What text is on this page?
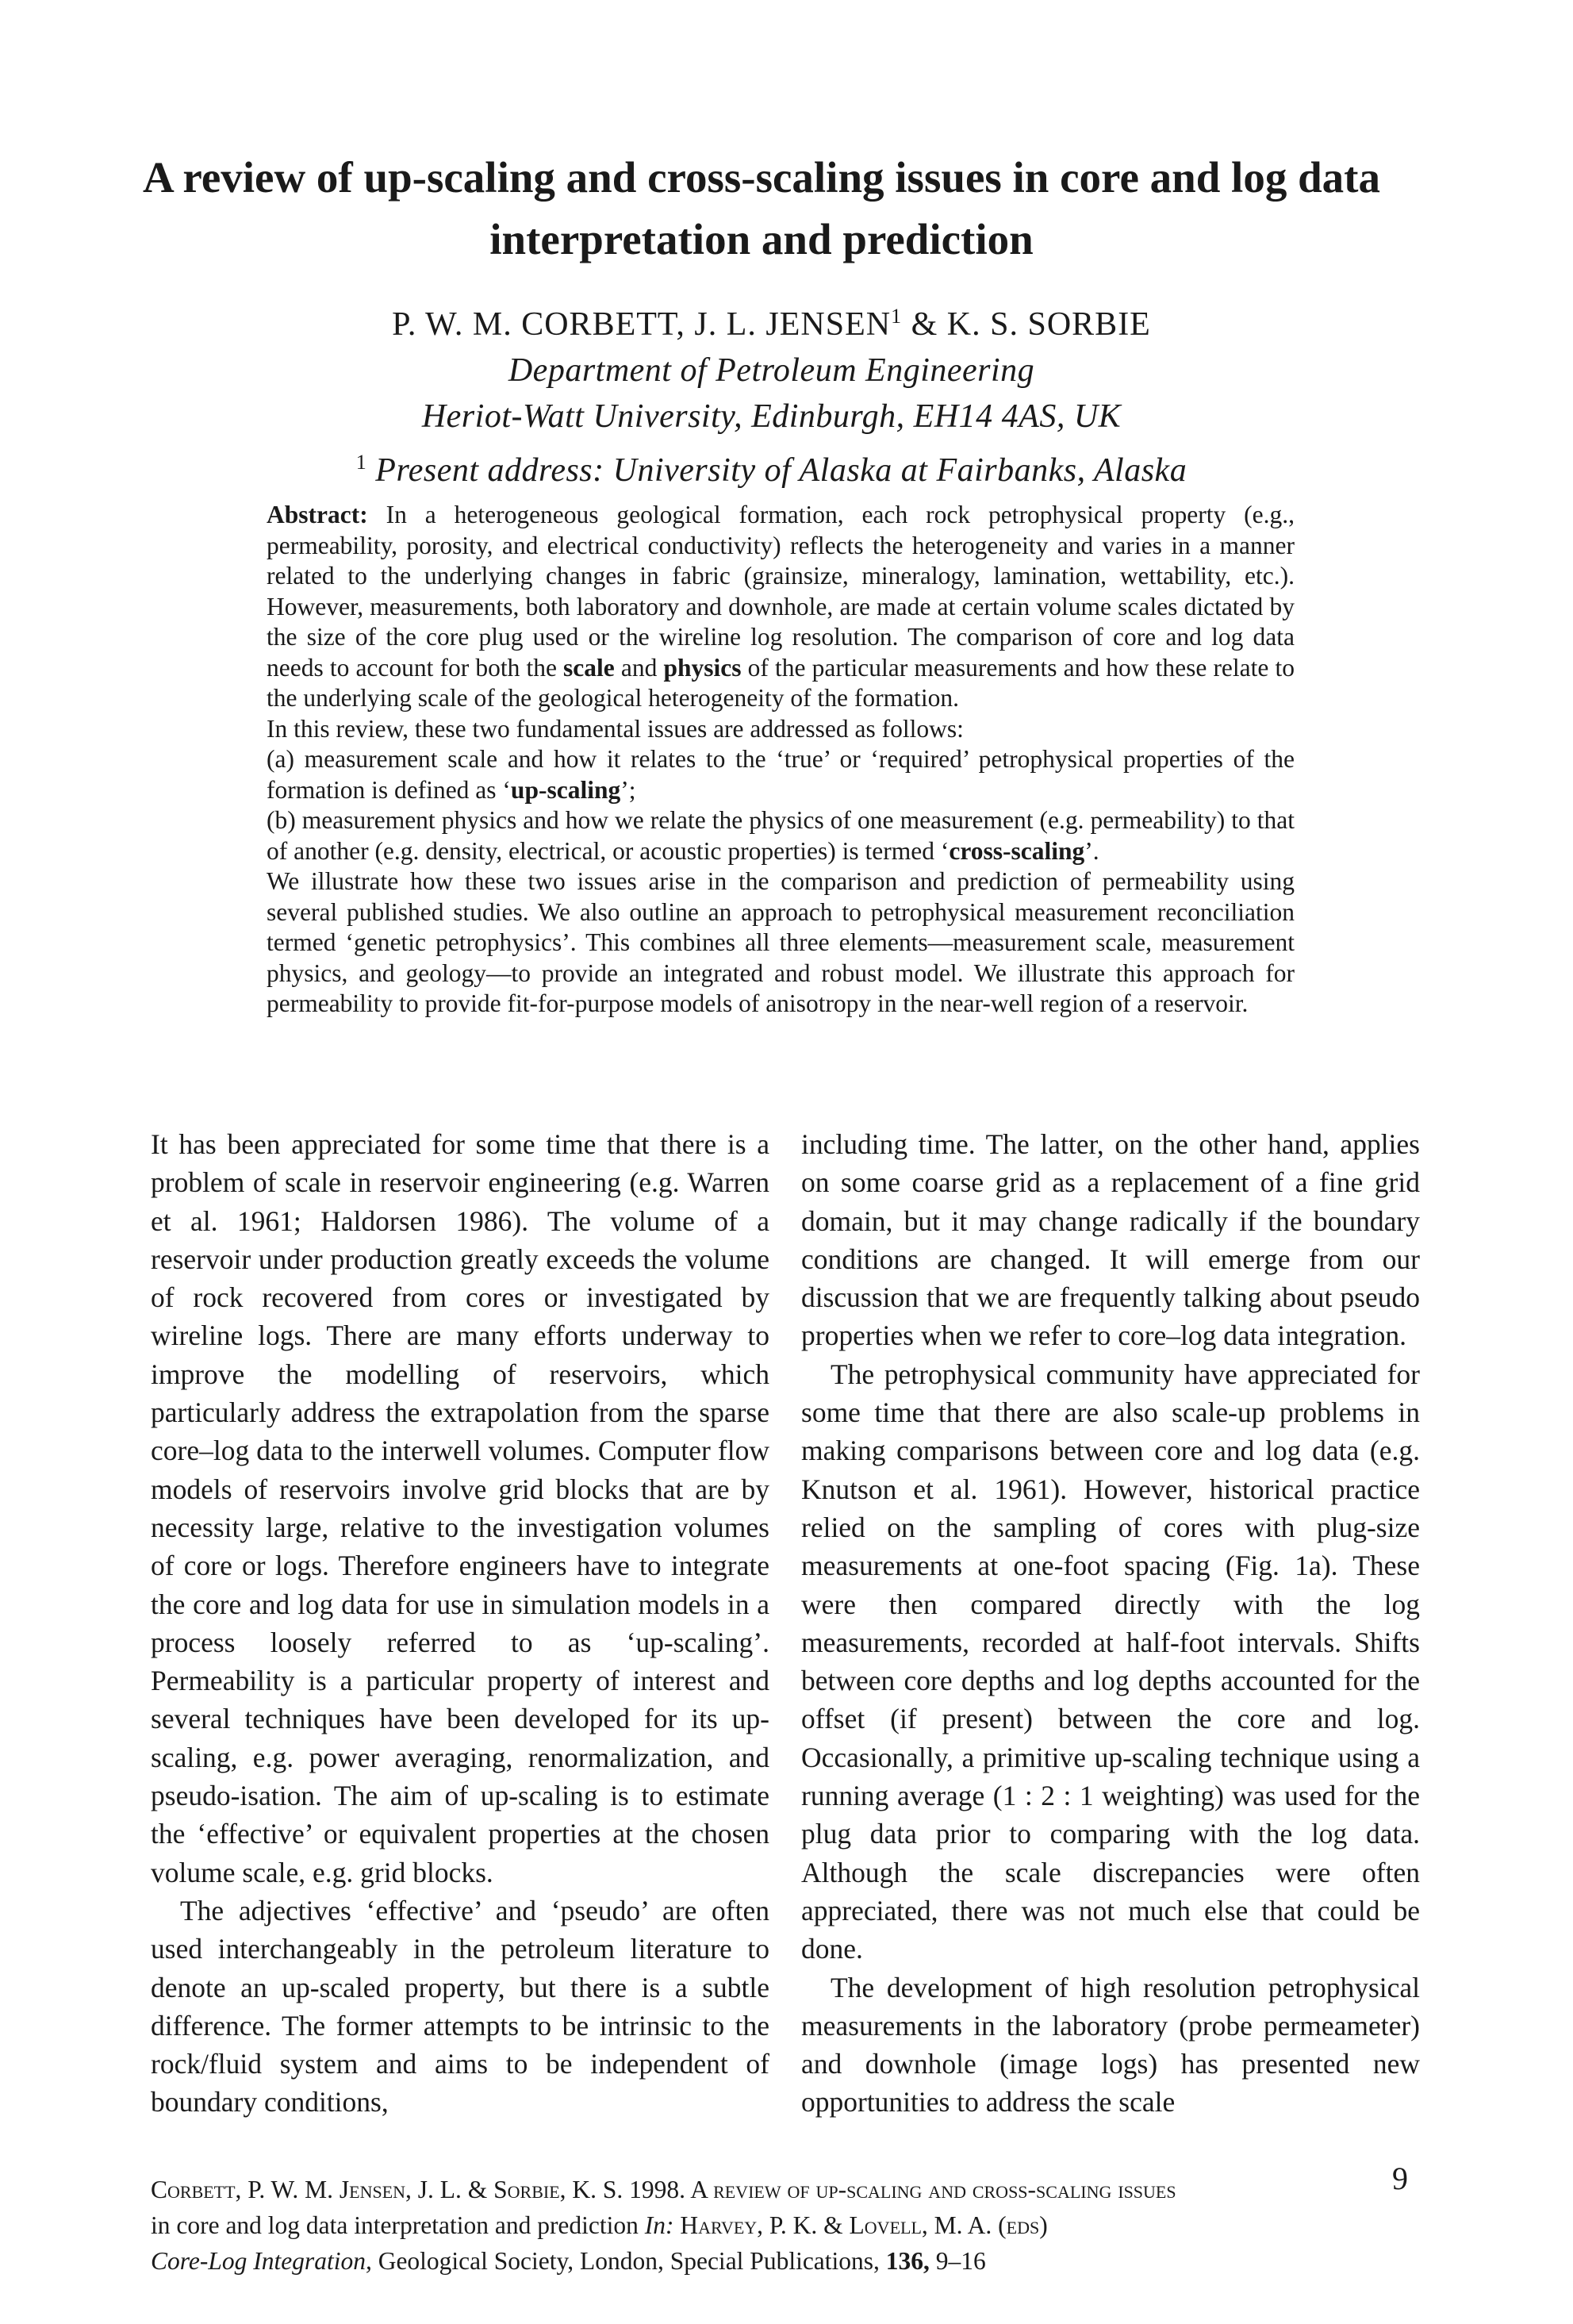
A review of up-scaling and cross-scaling issues in core and log data
interpretation and prediction
P. W. M. CORBETT, J. L. JENSEN$^1$ & K. S. SORBIE
Department of Petroleum Engineering
Heriot-Watt University, Edinburgh, EH14 4AS, UK
$^1$ Present address: University of Alaska at Fairbanks, Alaska

Abstract: In a heterogeneous geological formation, each rock petrophysical property (e.g., permeability, porosity, and electrical conductivity) reflects the heterogeneity and varies in a manner related to the underlying changes in fabric (grainsize, mineralogy, lamination, wettability, etc.). However, measurements, both laboratory and downhole, are made at certain volume scales dictated by the size of the core plug used or the wireline log resolution. The comparison of core and log data needs to account for both the scale and physics of the particular measurements and how these relate to the underlying scale of the geological heterogeneity of the formation.

In this review, these two fundamental issues are addressed as follows:

(a) measurement scale and how it relates to the ‘true’ or ‘required’ petrophysical properties of the formation is defined as ‘up-scaling’;

(b) measurement physics and how we relate the physics of one measurement (e.g. permeability) to that of another (e.g. density, electrical, or acoustic properties) is termed ‘cross-scaling’.

We illustrate how these two issues arise in the comparison and prediction of permeability using several published studies. We also outline an approach to petrophysical measurement reconciliation termed ‘genetic petrophysics’. This combines all three elements—measurement scale, measurement physics, and geology—to provide an integrated and robust model. We illustrate this approach for permeability to provide fit-for-purpose models of anisotropy in the near-well region of a reservoir.

It has been appreciated for some time that there is a problem of scale in reservoir engineering (e.g. Warren et al. 1961; Haldorsen 1986). The volume of a reservoir under production greatly exceeds the volume of rock recovered from cores or investigated by wireline logs. There are many efforts underway to improve the modelling of reservoirs, which particularly address the extrapolation from the sparse core–log data to the interwell volumes. Computer flow models of reservoirs involve grid blocks that are by necessity large, relative to the investigation volumes of core or logs. Therefore engineers have to integrate the core and log data for use in simulation models in a process loosely referred to as ‘up-scaling’. Permeability is a particular property of interest and several techniques have been developed for its up-scaling, e.g. power averaging, renormalization, and pseudo-isation. The aim of up-scaling is to estimate the ‘effective’ or equivalent properties at the chosen volume scale, e.g. grid blocks.

The adjectives ‘effective’ and ‘pseudo’ are often used interchangeably in the petroleum literature to denote an up-scaled property, but there is a subtle difference. The former attempts to be intrinsic to the rock/fluid system and aims to be independent of boundary conditions,

including time. The latter, on the other hand, applies on some coarse grid as a replacement of a fine grid domain, but it may change radically if the boundary conditions are changed. It will emerge from our discussion that we are frequently talking about pseudo properties when we refer to core–log data integration.

The petrophysical community have appreciated for some time that there are also scale-up problems in making comparisons between core and log data (e.g. Knutson et al. 1961). However, historical practice relied on the sampling of cores with plug-size measurements at one-foot spacing (Fig. 1a). These were then compared directly with the log measurements, recorded at half-foot intervals. Shifts between core depths and log depths accounted for the offset (if present) between the core and log. Occasionally, a primitive up-scaling technique using a running average (1 : 2 : 1 weighting) was used for the plug data prior to comparing with the log data. Although the scale discrepancies were often appreciated, there was not much else that could be done.

The development of high resolution petrophysical measurements in the laboratory (probe permeameter) and downhole (image logs) has presented new opportunities to address the scale

Corbett, P. W. M. Jensen, J. L. & Sorbie, K. S. 1998. A review of up-scaling and cross-scaling issues
in core and log data interpretation and prediction In: Harvey, P. K. & Lovell, M. A. (eds)
Core-Log Integration, Geological Society, London, Special Publications, 136, 9–16
9
